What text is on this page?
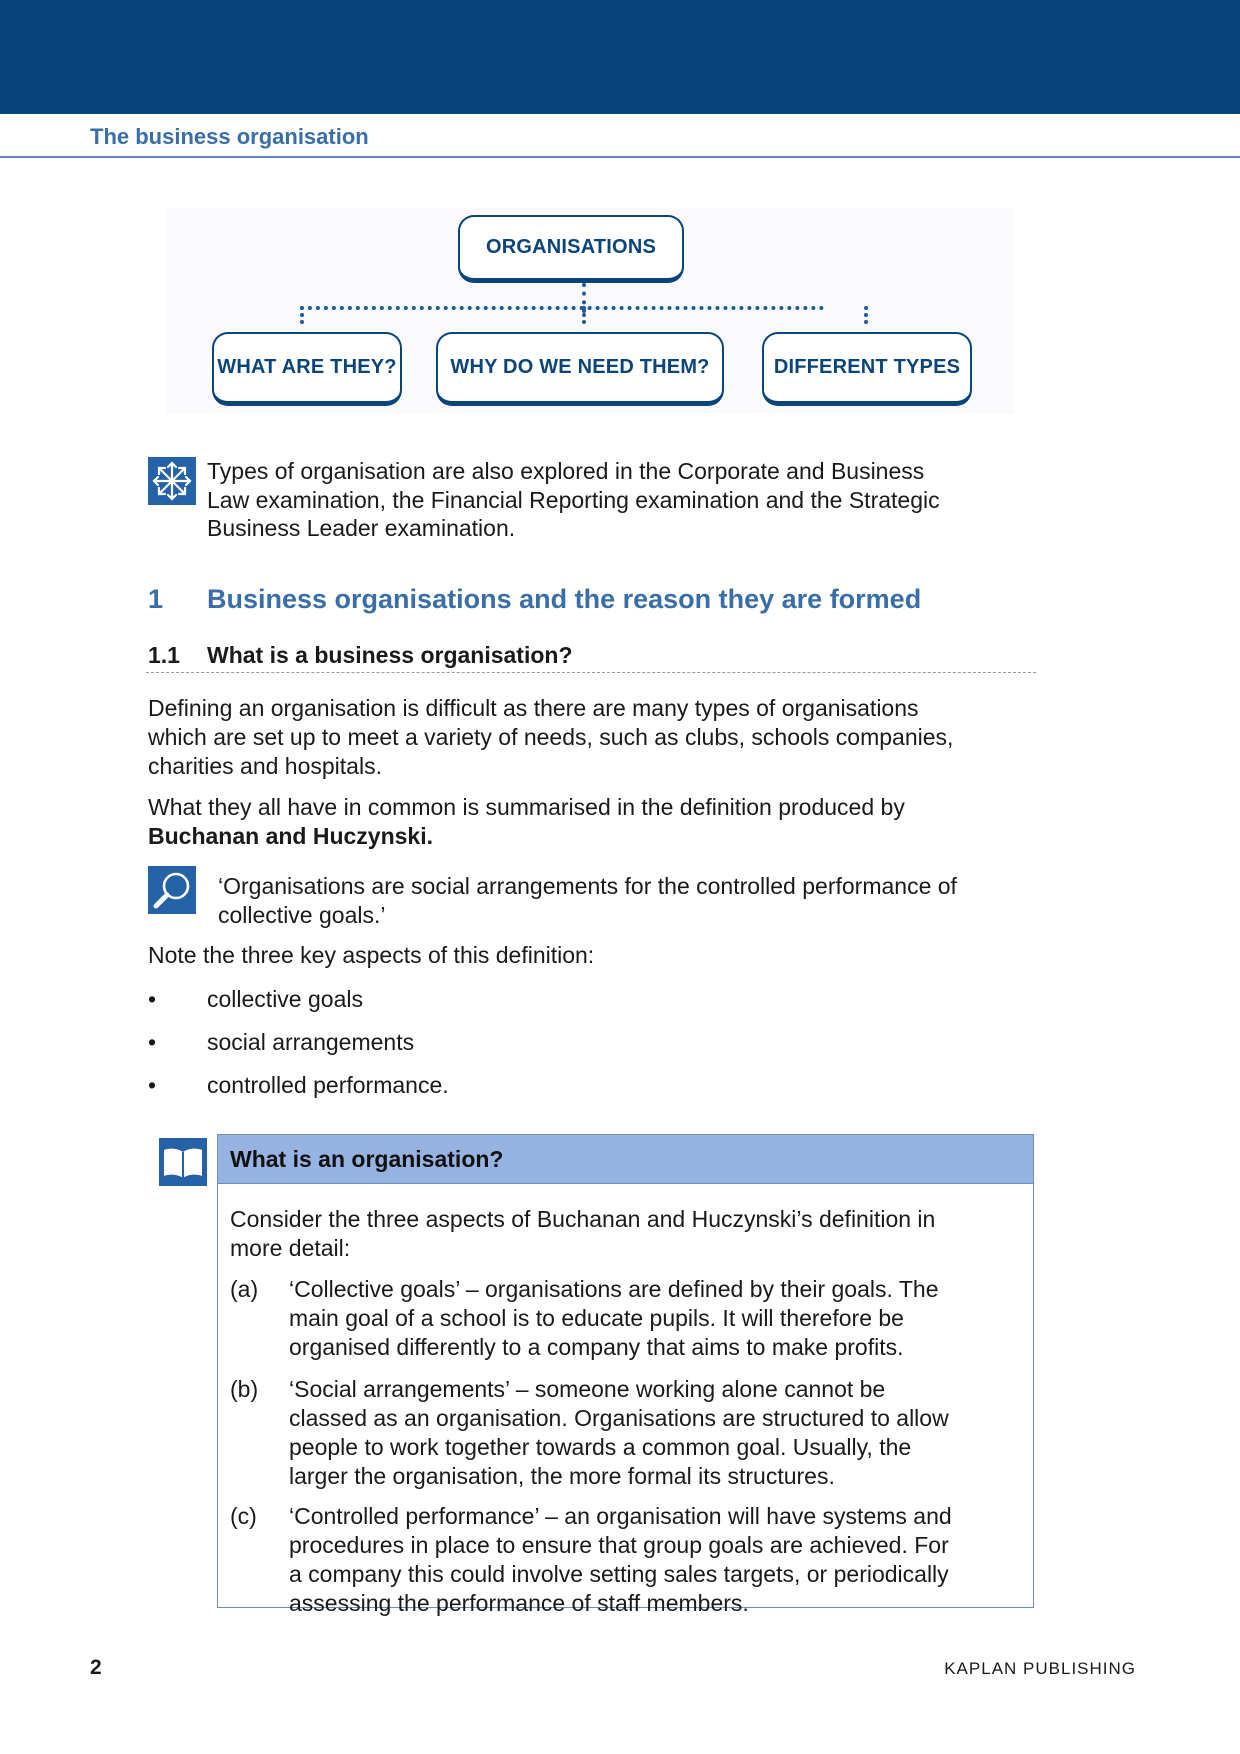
The business organisation
ORGANISATIONS
WHAT ARE THEY?	WHY DO WE NEED THEM?	DIFFERENT TYPES
Types of organisation are also explored in the Corporate and Business
Law examination, the Financial Reporting examination and the Strategic
Business Leader examination.
1 Business organisations and the reason they are formed
1.1 What is a business organisation?
Defining an organisation is difficult as there are many types of organisations
which are set up to meet a variety of needs, such as clubs, schools companies,
charities and hospitals.
What they all have in common is summarised in the definition produced by
Buchanan and Huczynski.
‘Organisations are social arrangements for the controlled performance of
collective goals.’
Note the three key aspects of this definition:
• collective goals
• social arrangements
• controlled performance.
What is an organisation?
Consider the three aspects of Buchanan and Huczynski’s definition in
more detail:
(a) ‘Collective goals’ – organisations are defined by their goals. The
main goal of a school is to educate pupils. It will therefore be
organised differently to a company that aims to make profits.
(b) ‘Social arrangements’ – someone working alone cannot be
classed as an organisation. Organisations are structured to allow
people to work together towards a common goal. Usually, the
larger the organisation, the more formal its structures.
(c) ‘Controlled performance’ – an organisation will have systems and
procedures in place to ensure that group goals are achieved. For
a company this could involve setting sales targets, or periodically
assessing the performance of staff members.
2	KAPLAN PUBLISHING
